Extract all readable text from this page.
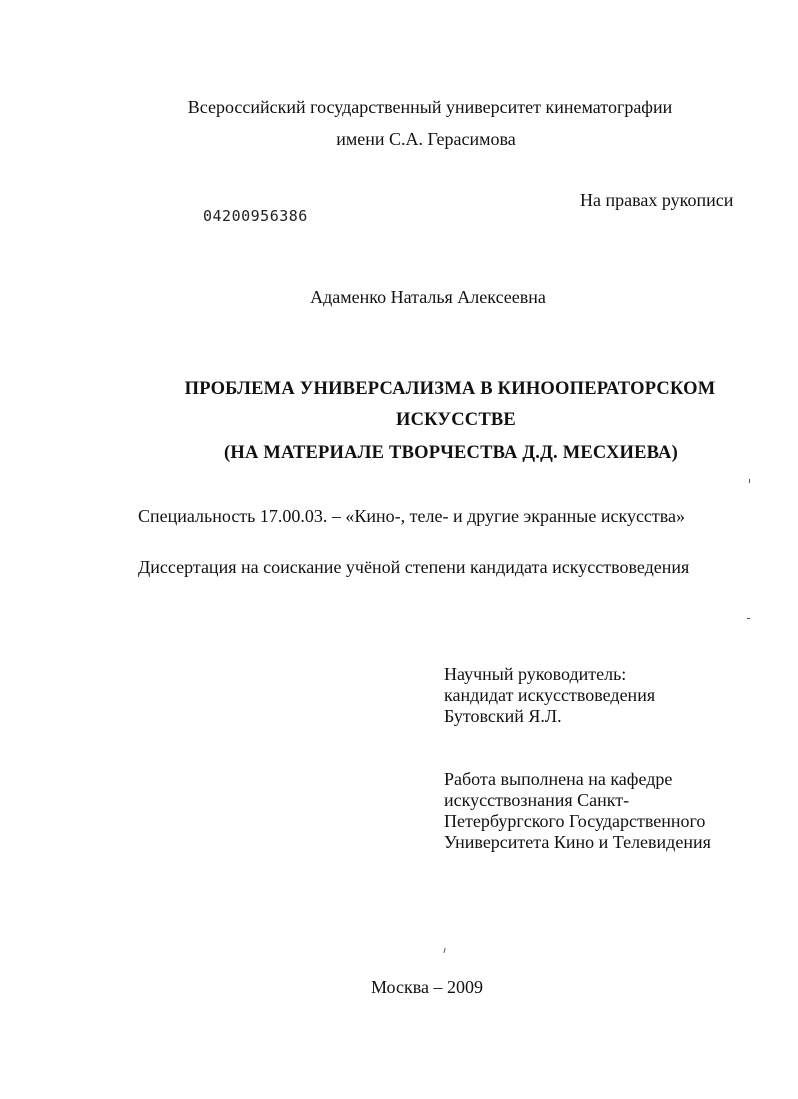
Всероссийский государственный университет кинематографии
имени С.А. Герасимова
04200956386
На правах рукописи
Адаменко Наталья Алексеевна
ПРОБЛЕМА УНИВЕРСАЛИЗМА В КИНООПЕРАТОРСКОМ
ИСКУССТВЕ
(НА МАТЕРИАЛЕ ТВОРЧЕСТВА Д.Д. МЕСХИЕВА)
Специальность 17.00.03. – «Кино-, теле- и другие экранные искусства»
Диссертация на соискание учёной степени кандидата искусствоведения
Научный руководитель:
кандидат искусствоведения
Бутовский Я.Л.
Работа выполнена на кафедре
искусствознания Санкт-
Петербургского Государственного
Университета Кино и Телевидения
Москва – 2009
